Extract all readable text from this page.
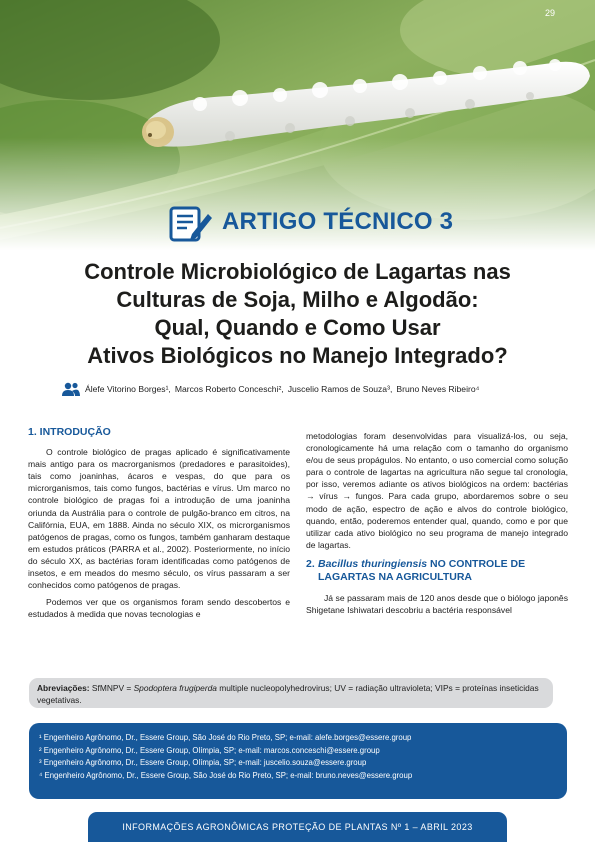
29
ARTIGO TÉCNICO 3
Controle Microbiológico de Lagartas nas
Culturas de Soja, Milho e Algodão:
Qual, Quando e Como Usar
Ativos Biológicos no Manejo Integrado?
Álefe Vitorino Borges¹, Marcos Roberto Conceschi², Juscelio Ramos de Souza³, Bruno Neves Ribeiro⁴
1. INTRODUÇÃO

O controle biológico de pragas aplicado é significativamente mais antigo para os macrorganismos (predadores e parasitoides), tais como joaninhas, ácaros e vespas, do que para os microrganismos, tais como fungos, bactérias e vírus. Um marco no controle biológico de pragas foi a introdução de uma joaninha oriunda da Austrália para o controle de pulgão-branco em citros, na Califórnia, EUA, em 1888. Ainda no século XIX, os microrganismos patógenos de pragas, como os fungos, também ganharam destaque em estudos práticos (PARRA et al., 2002). Posteriormente, no início do século XX, as bactérias foram identificadas como patógenos de insetos, e em meados do mesmo século, os vírus passaram a ser conhecidos como patógenos de pragas.

Podemos ver que os organismos foram sendo descobertos e estudados à medida que novas tecnologias e

metodologias foram desenvolvidas para visualizá-los, ou seja, cronologicamente há uma relação com o tamanho do organismo e/ou de seus propágulos. No entanto, o uso comercial como solução para o controle de lagartas na agricultura não segue tal cronologia, por isso, veremos adiante os ativos biológicos na ordem: bactérias → vírus → fungos. Para cada grupo, abordaremos sobre o seu modo de ação, espectro de ação e alvos do controle biológico, quando, então, poderemos entender qual, quando, como e por que utilizar cada ativo biológico no seu programa de manejo integrado de lagartas.

2. Bacillus thuringiensis NO CONTROLE DE
LAGARTAS NA AGRICULTURA

Já se passaram mais de 120 anos desde que o biólogo japonês Shigetane Ishiwatari descobriu a bactéria responsável

Abreviações: SfMNPV = Spodoptera frugiperda multiple nucleopolyhedrovirus; UV = radiação ultravioleta; VIPs = proteínas inseticidas vegetativas.
¹ Engenheiro Agrônomo, Dr., Essere Group, São José do Rio Preto, SP; e-mail: alefe.borges@essere.group
² Engenheiro Agrônomo, Dr., Essere Group, Olímpia, SP; e-mail: marcos.conceschi@essere.group
³ Engenheiro Agrônomo, Dr., Essere Group, Olímpia, SP; e-mail: juscelio.souza@essere.group
⁴ Engenheiro Agrônomo, Dr., Essere Group, São José do Rio Preto, SP; e-mail: bruno.neves@essere.group
INFORMAÇÕES AGRONÔMICAS PROTEÇÃO DE PLANTAS Nº 1 – ABRIL 2023
